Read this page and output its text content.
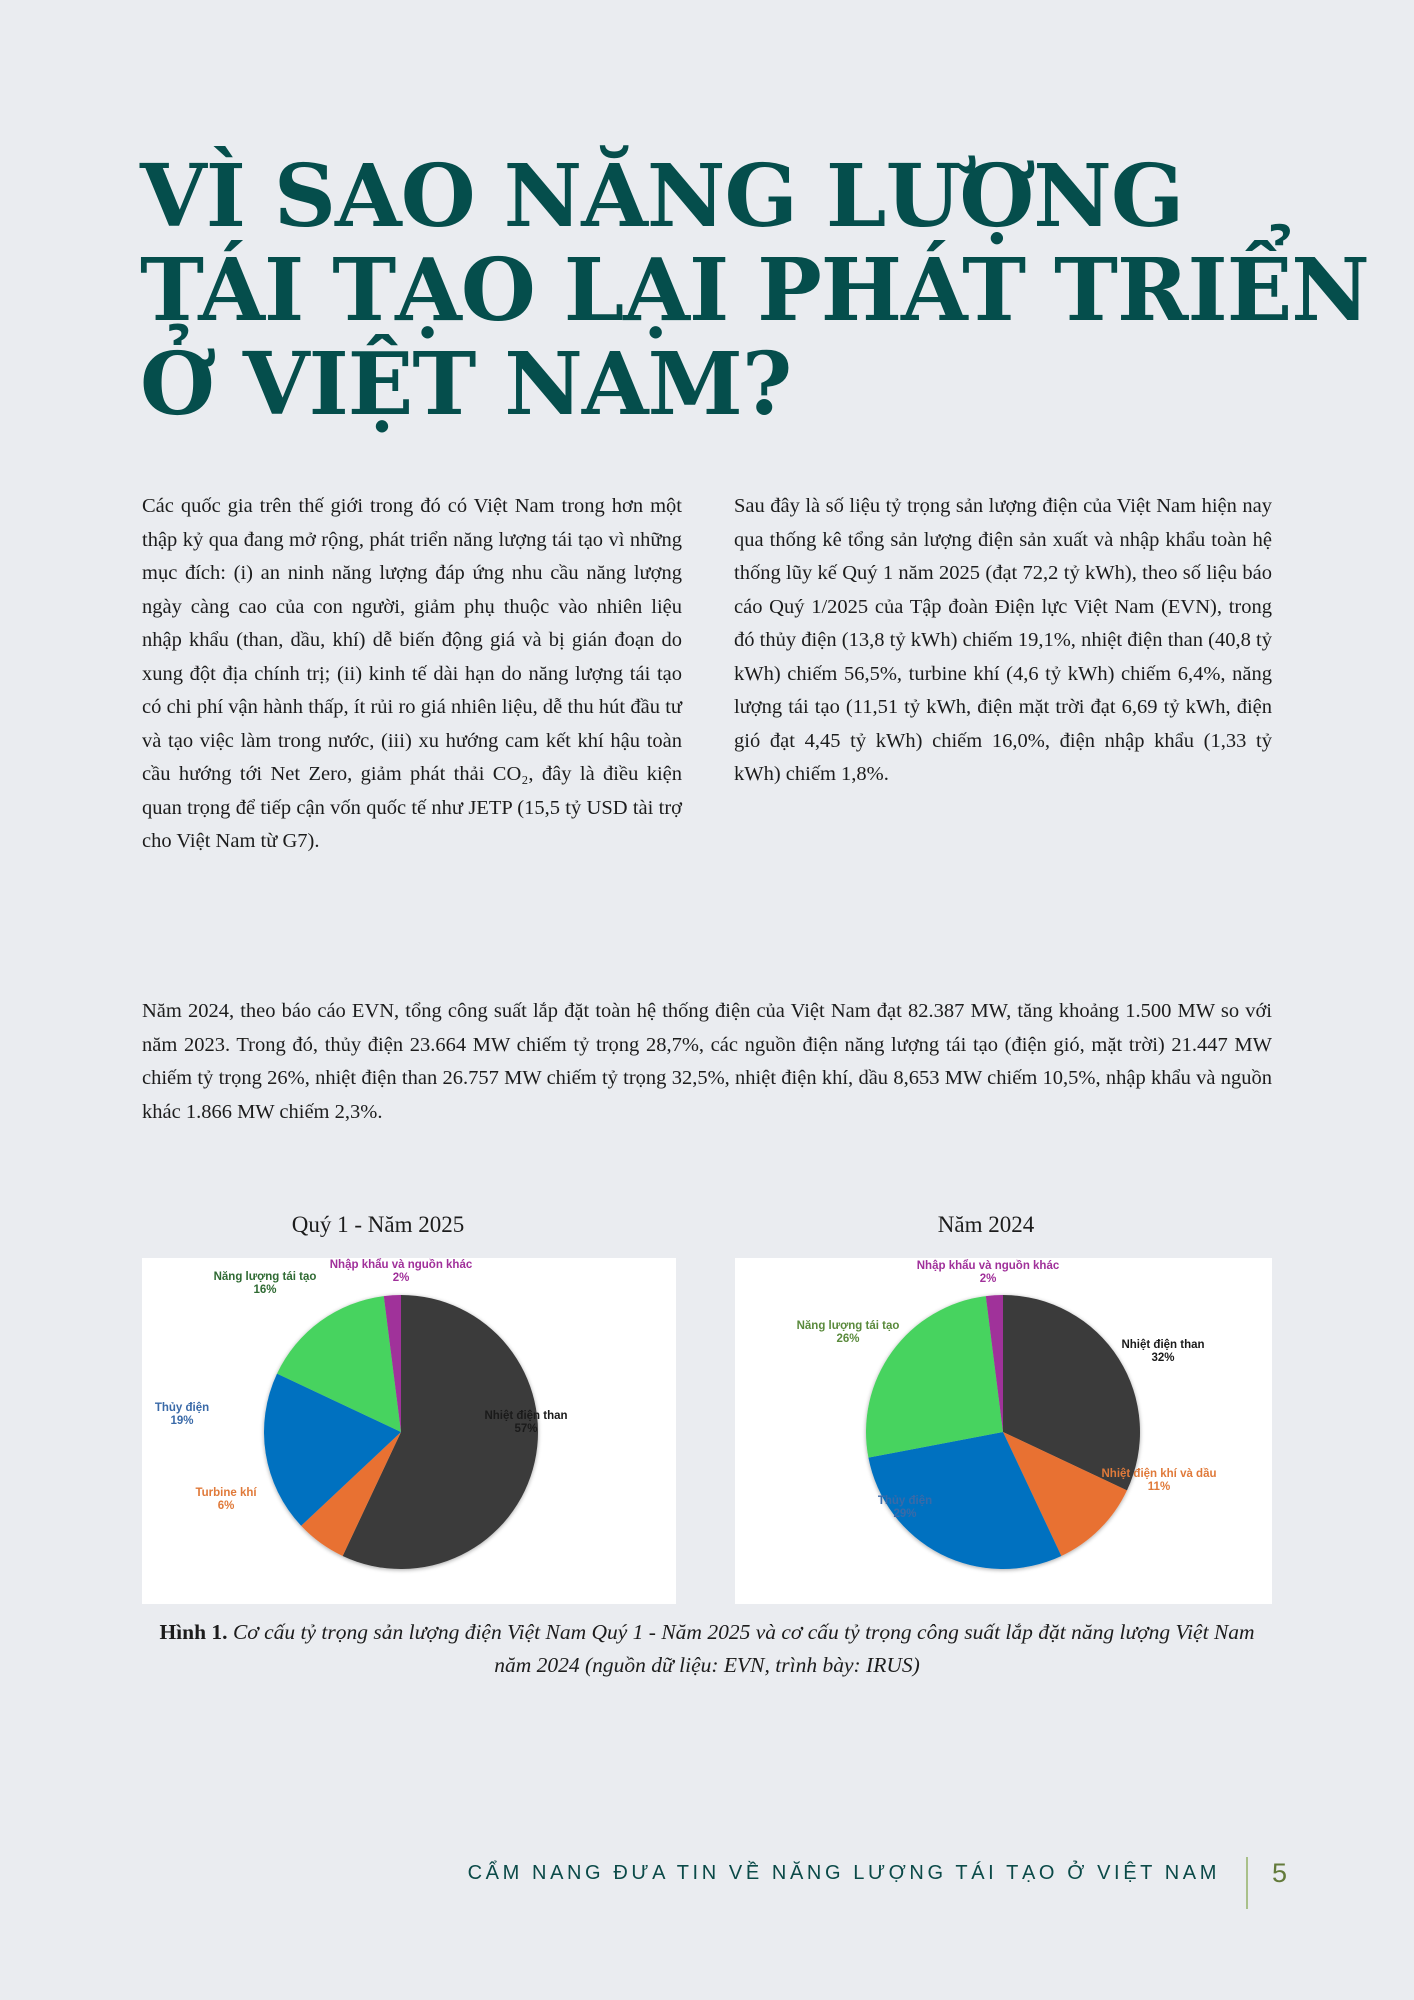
VÌ SAO NĂNG LƯỢNG
TÁI TẠO LẠI PHÁT TRIỂN
Ở VIỆT NAM?
Các quốc gia trên thế giới trong đó có Việt Nam trong hơn một thập kỷ qua đang mở rộng, phát triển năng lượng tái tạo vì những mục đích: (i) an ninh năng lượng đáp ứng nhu cầu năng lượng ngày càng cao của con người, giảm phụ thuộc vào nhiên liệu nhập khẩu (than, dầu, khí) dễ biến động giá và bị gián đoạn do xung đột địa chính trị; (ii) kinh tế dài hạn do năng lượng tái tạo có chi phí vận hành thấp, ít rủi ro giá nhiên liệu, dễ thu hút đầu tư và tạo việc làm trong nước, (iii) xu hướng cam kết khí hậu toàn cầu hướng tới Net Zero, giảm phát thải CO₂, đây là điều kiện quan trọng để tiếp cận vốn quốc tế như JETP (15,5 tỷ USD tài trợ cho Việt Nam từ G7).
Sau đây là số liệu tỷ trọng sản lượng điện của Việt Nam hiện nay qua thống kê tổng sản lượng điện sản xuất và nhập khẩu toàn hệ thống lũy kế Quý 1 năm 2025 (đạt 72,2 tỷ kWh), theo số liệu báo cáo Quý 1/2025 của Tập đoàn Điện lực Việt Nam (EVN), trong đó thủy điện (13,8 tỷ kWh) chiếm 19,1%, nhiệt điện than (40,8 tỷ kWh) chiếm 56,5%, turbine khí (4,6 tỷ kWh) chiếm 6,4%, năng lượng tái tạo (11,51 tỷ kWh, điện mặt trời đạt 6,69 tỷ kWh, điện gió đạt 4,45 tỷ kWh) chiếm 16,0%, điện nhập khẩu (1,33 tỷ kWh) chiếm 1,8%.
Năm 2024, theo báo cáo EVN, tổng công suất lắp đặt toàn hệ thống điện của Việt Nam đạt 82.387 MW, tăng khoảng 1.500 MW so với năm 2023. Trong đó, thủy điện 23.664 MW chiếm tỷ trọng 28,7%, các nguồn điện năng lượng tái tạo (điện gió, mặt trời) 21.447 MW chiếm tỷ trọng 26%, nhiệt điện than 26.757 MW chiếm tỷ trọng 32,5%, nhiệt điện khí, dầu 8,653 MW chiếm 10,5%, nhập khẩu và nguồn khác 1.866 MW chiếm 2,3%.
Quý 1 - Năm 2025	Năm 2024
Nhiệt điện than
57%
Turbine khí
6%
Thủy điện
19%
Năng lượng tái tạo
16%
Nhập khẩu và nguồn khác
2%
Nhiệt điện than
32%
Nhiệt điện khí và dầu
11%
Thủy điện
29%
Năng lượng tái tạo
26%
Nhập khẩu và nguồn khác
2%
Hình 1. Cơ cấu tỷ trọng sản lượng điện Việt Nam Quý 1 - Năm 2025 và cơ cấu tỷ trọng công suất lắp đặt năng lượng Việt Nam năm 2024 (nguồn dữ liệu: EVN, trình bày: IRUS)
CẨM NANG ĐƯA TIN VỀ NĂNG LƯỢNG TÁI TẠO Ở VIỆT NAM 5
